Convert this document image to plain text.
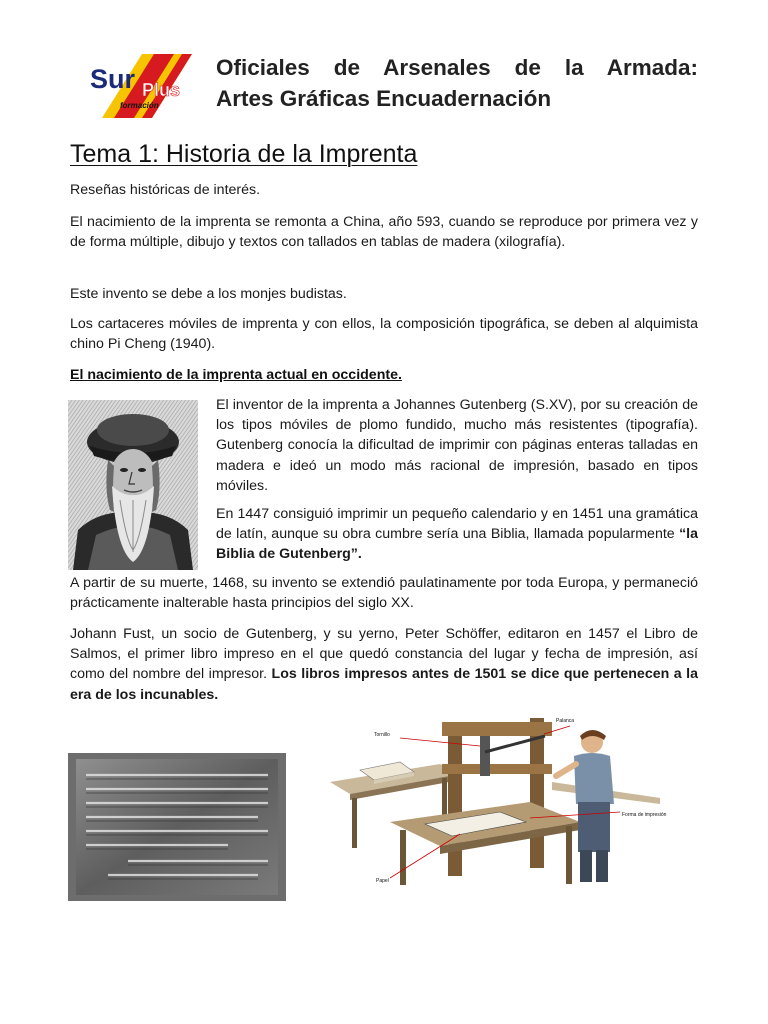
Sur Plus
formación
Oficiales de Arsenales de la Armada:
Artes Gráficas Encuadernación
Tema 1: Historia de la Imprenta

Reseñas históricas de interés.

El nacimiento de la imprenta se remonta a China, año 593, cuando se reproduce por primera vez y de forma múltiple, dibujo y textos con tallados en tablas de madera (xilografía).

Este invento se debe a los monjes budistas.

Los cartaceres móviles de imprenta y con ellos, la composición tipográfica, se deben al alquimista chino Pi Cheng (1940).

El nacimiento de la imprenta actual en occidente.

El inventor de la imprenta a Johannes Gutenberg (S.XV), por su creación de los tipos móviles de plomo fundido, mucho más resistentes (tipografía). Gutenberg conocía la dificultad de imprimir con páginas enteras talladas en madera e ideó un modo más racional de impresión, basado en tipos móviles.

En 1447 consiguió imprimir un pequeño calendario y en 1451 una gramática de latín, aunque su obra cumbre sería una Biblia, llamada popularmente “la Biblia de Gutenberg”.

A partir de su muerte, 1468, su invento se extendió paulatinamente por toda Europa, y permaneció prácticamente inalterable hasta principios del siglo XX.

Johann Fust, un socio de Gutenberg, y su yerno, Peter Schöffer, editaron en 1457 el Libro de Salmos, el primer libro impreso en el que quedó constancia del lugar y fecha de impresión, así como del nombre del impresor. Los libros impresos antes de 1501 se dice que pertenecen a la era de los incunables.

Palanca
Tornillo
Forma de impresión
Papel
